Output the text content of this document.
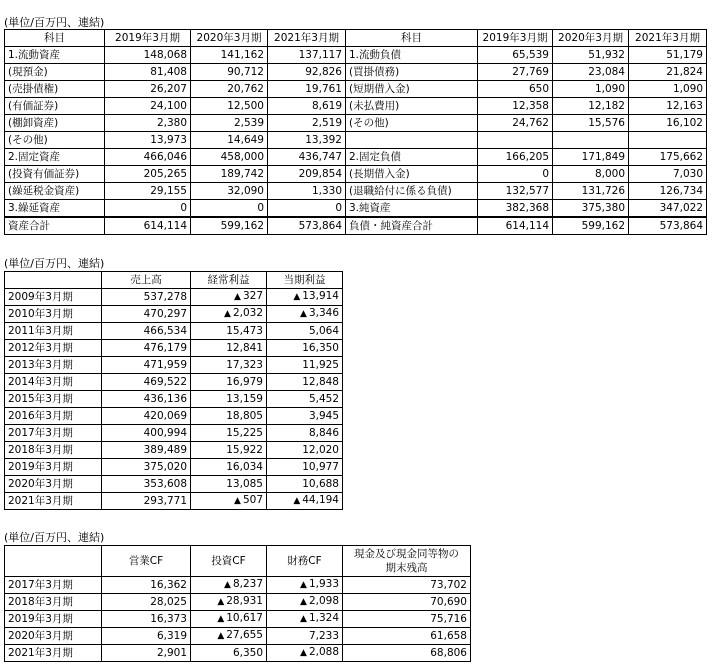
(単位/百万円、連結)
科目	2019年3月期	2020年3月期	2021年3月期	科目	2019年3月期	2020年3月期	2021年3月期
1.流動資産	148,068	141,162	137,117	1.流動負債	65,539	51,932	51,179
(現預金)	81,408	90,712	92,826	(買掛債務)	27,769	23,084	21,824
(売掛債権)	26,207	20,762	19,761	(短期借入金)	650	1,090	1,090
(有価証券)	24,100	12,500	8,619	(未払費用)	12,358	12,182	12,163
(棚卸資産)	2,380	2,539	2,519	(その他)	24,762	15,576	16,102
(その他)	13,973	14,649	13,392				
2.固定資産	466,046	458,000	436,747	2.固定負債	166,205	171,849	175,662
(投資有価証券)	205,265	189,742	209,854	(長期借入金)	0	8,000	7,030
(繰延税金資産)	29,155	32,090	1,330	(退職給付に係る負債)	132,577	131,726	126,734
3.繰延資産	0	0	0	3.純資産	382,368	375,380	347,022
資産合計	614,114	599,162	573,864	負債・純資産合計	614,114	599,162	573,864
(単位/百万円、連結)
	売上高	経常利益	当期利益
2009年3月期	537,278	▲ 327	▲ 13,914
2010年3月期	470,297	▲ 2,032	▲ 3,346
2011年3月期	466,534	15,473	5,064
2012年3月期	476,179	12,841	16,350
2013年3月期	471,959	17,323	11,925
2014年3月期	469,522	16,979	12,848
2015年3月期	436,136	13,159	5,452
2016年3月期	420,069	18,805	3,945
2017年3月期	400,994	15,225	8,846
2018年3月期	389,489	15,922	12,020
2019年3月期	375,020	16,034	10,977
2020年3月期	353,608	13,085	10,688
2021年3月期	293,771	▲ 507	▲ 44,194
(単位/百万円、連結)
	営業CF	投資CF	財務CF	現金及び現金同等物の
期末残高

2017年3月期	16,362	▲ 8,237	▲ 1,933	73,702
2018年3月期	28,025	▲ 28,931	▲ 2,098	70,690
2019年3月期	16,373	▲ 10,617	▲ 1,324	75,716
2020年3月期	6,319	▲ 27,655	7,233	61,658
2021年3月期	2,901	6,350	▲ 2,088	68,806
